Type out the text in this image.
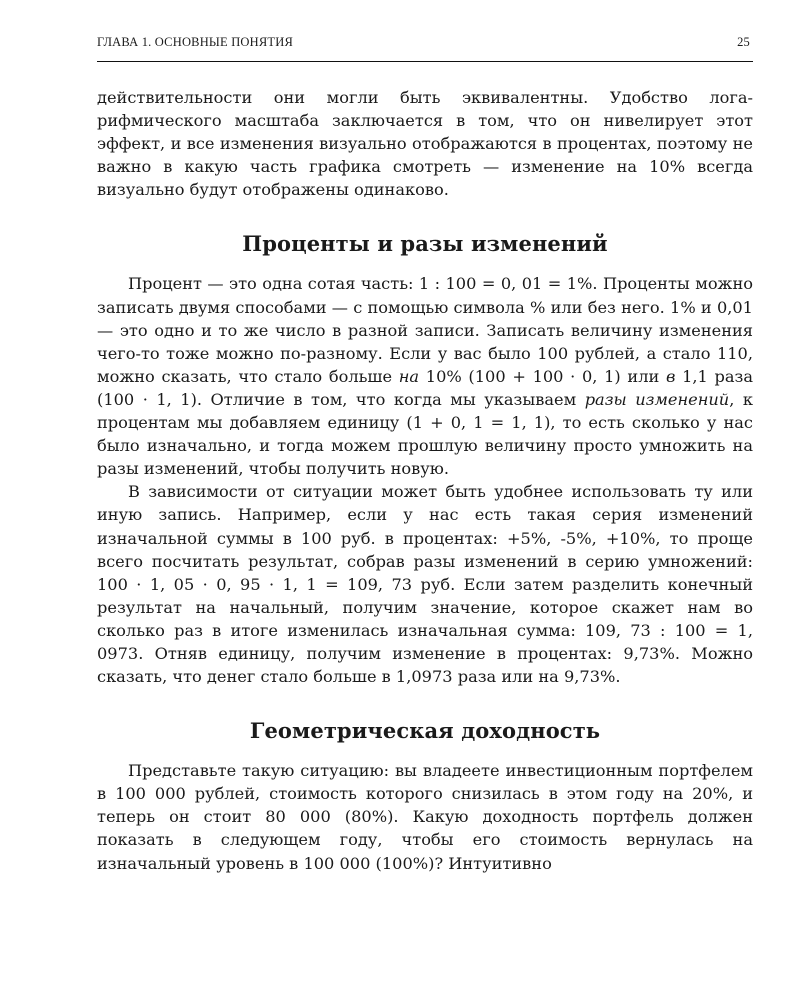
ГЛАВА 1. ОСНОВНЫЕ ПОНЯТИЯ	25

действительности они могли быть эквивалентны. Удобство логарифмического масштаба заключается в том, что он нивелирует этот эффект, и все изменения визуально отображаются в процентах, поэтому не важно в какую часть графика смотреть — изменение на 10% всегда визуально будут отображены одинаково.

Проценты и разы изменений

Процент — это одна сотая часть: 1 : 100 = 0, 01 = 1%. Проценты можно записать двумя способами — с помощью символа % или без него. 1% и 0,01 — это одно и то же число в разной записи. Записать величину изменения чего-то тоже можно по-разному. Если у вас было 100 рублей, а стало 110, можно сказать, что стало больше на 10% (100 + 100 · 0, 1) или в 1,1 раза (100 · 1, 1). Отличие в том, что когда мы указываем разы изменений, к процентам мы добавляем единицу (1 + 0, 1 = 1, 1), то есть сколько у нас было изначально, и тогда можем прошлую величину просто умножить на разы изменений, чтобы получить новую.

В зависимости от ситуации может быть удобнее использовать ту или иную запись. Например, если у нас есть такая серия изменений изначальной суммы в 100 руб. в процентах: +5%, -5%, +10%, то проще всего посчитать результат, собрав разы изменений в серию умножений: 100 · 1, 05 · 0, 95 · 1, 1 = 109, 73 руб. Если затем разделить конечный результат на начальный, получим значение, которое скажет нам во сколько раз в итоге изменилась изначальная сумма: 109, 73 : 100 = 1, 0973. Отняв единицу, получим изменение в процентах: 9,73%. Можно сказать, что денег стало больше в 1,0973 раза или на 9,73%.

Геометрическая доходность

Представьте такую ситуацию: вы владеете инвестиционным портфелем в 100 000 рублей, стоимость которого снизилась в этом году на 20%, и теперь он стоит 80 000 (80%). Какую доходность портфель должен показать в следующем году, чтобы его стоимость вернулась на изначальный уровень в 100 000 (100%)? Интуитивно
